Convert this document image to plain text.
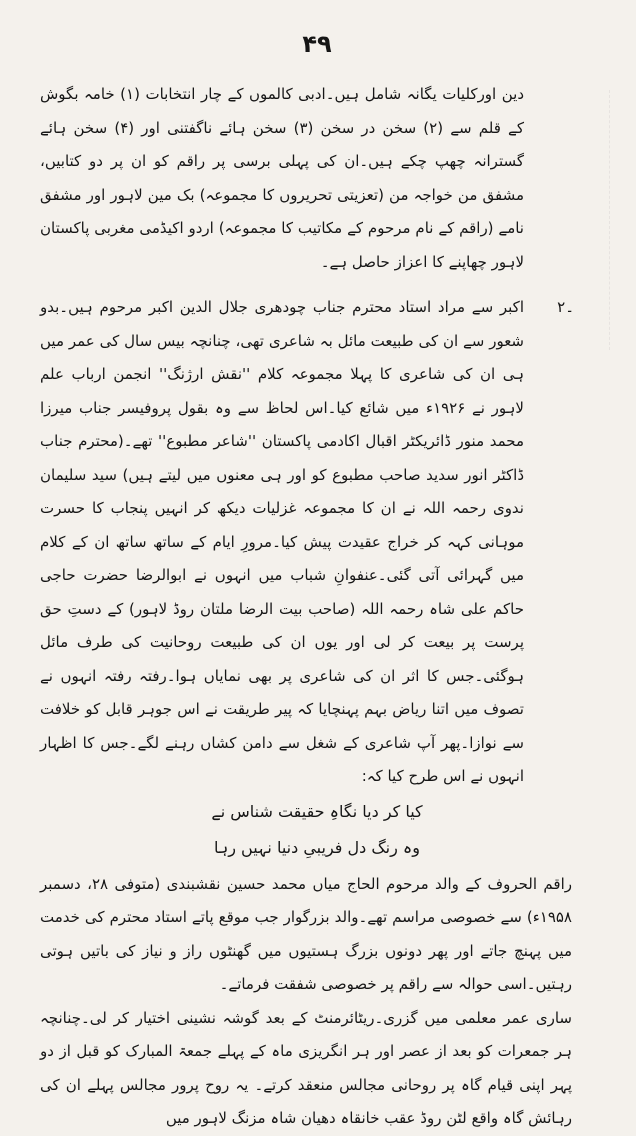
۴۹

دین اورکلیات یگانہ شامل ہیں۔ادبی کالموں کے چار انتخابات (۱) خامہ بگوش کے قلم سے (۲) سخن در سخن (۳) سخن ہائے ناگفتنی اور (۴) سخن ہائے گسترانہ چھپ چکے ہیں۔ان کی پہلی برسی پر راقم کو ان پر دو کتابیں، مشفق من خواجہ من (تعزیتی تحریروں کا مجموعہ) بک مین لاہور اور مشفق نامے (راقم کے نام مرحوم کے مکاتیب کا مجموعہ) اردو اکیڈمی مغربی پاکستان لاہور چھاپنے کا اعزاز حاصل ہے۔

۲۔

اکبر سے مراد استاد محترم جناب چودھری جلال الدین اکبر مرحوم ہیں۔بدو شعور سے ان کی طبیعت مائل بہ شاعری تھی، چنانچہ بیس سال کی عمر میں ہی ان کی شاعری کا پہلا مجموعہ کلام ''نقش ارژنگ'' انجمن ارباب علم لاہور نے ۱۹۲۶ء میں شائع کیا۔اس لحاظ سے وہ بقول پروفیسر جناب میرزا محمد منور ڈائریکٹر اقبال اکادمی پاکستان ''شاعر مطبوع'' تھے۔(محترم جناب ڈاکٹر انور سدید صاحب مطبوع کو اور ہی معنوں میں لیتے ہیں) سید سلیمان ندوی رحمہ اللہ نے ان کا مجموعہ غزلیات دیکھ کر انہیں پنجاب کا حسرت موہانی کہہ کر خراج عقیدت پیش کیا۔مرورِ ایام کے ساتھ ساتھ ان کے کلام میں گہرائی آتی گئی۔عنفوانِ شباب میں انہوں نے ابوالرضا حضرت حاجی حاکم علی شاہ رحمہ اللہ (صاحب بیت الرضا ملتان روڈ لاہور) کے دستِ حق پرست پر بیعت کر لی اور یوں ان کی طبیعت روحانیت کی طرف مائل ہوگئی۔جس کا اثر ان کی شاعری پر بھی نمایاں ہوا۔رفتہ رفتہ انہوں نے تصوف میں اتنا ریاض بہم پہنچایا کہ پیر طریقت نے اس جوہر قابل کو خلافت سے نوازا۔پھر آپ شاعری کے شغل سے دامن کشاں رہنے لگے۔جس کا اظہار انہوں نے اس طرح کیا کہ:

کیا کر دیا نگاہِ حقیقت شناس نے

وہ رنگ دل فریبیِ دنیا نہیں رہا

راقم الحروف کے والد مرحوم الحاج میاں محمد حسین نقشبندی (متوفی ۲۸، دسمبر ۱۹۵۸ء) سے خصوصی مراسم تھے۔والد بزرگوار جب موقع پاتے استاد محترم کی خدمت میں پہنچ جاتے اور پھر دونوں بزرگ ہستیوں میں گھنٹوں راز و نیاز کی باتیں ہوتی رہتیں۔اسی حوالہ سے راقم پر خصوصی شفقت فرماتے۔

ساری عمر معلمی میں گزری۔ریٹائرمنٹ کے بعد گوشہ نشینی اختیار کر لی۔چنانچہ ہر جمعرات کو بعد از عصر اور ہر انگریزی ماہ کے پہلے جمعۃ المبارک کو قبل از دو پہر اپنی قیام گاہ پر روحانی مجالس منعقد کرتے۔ یہ روح پرور مجالس پہلے ان کی رہائش گاہ واقع لٹن روڈ عقب خانقاہ دھیان شاہ مزنگ لاہور میں
